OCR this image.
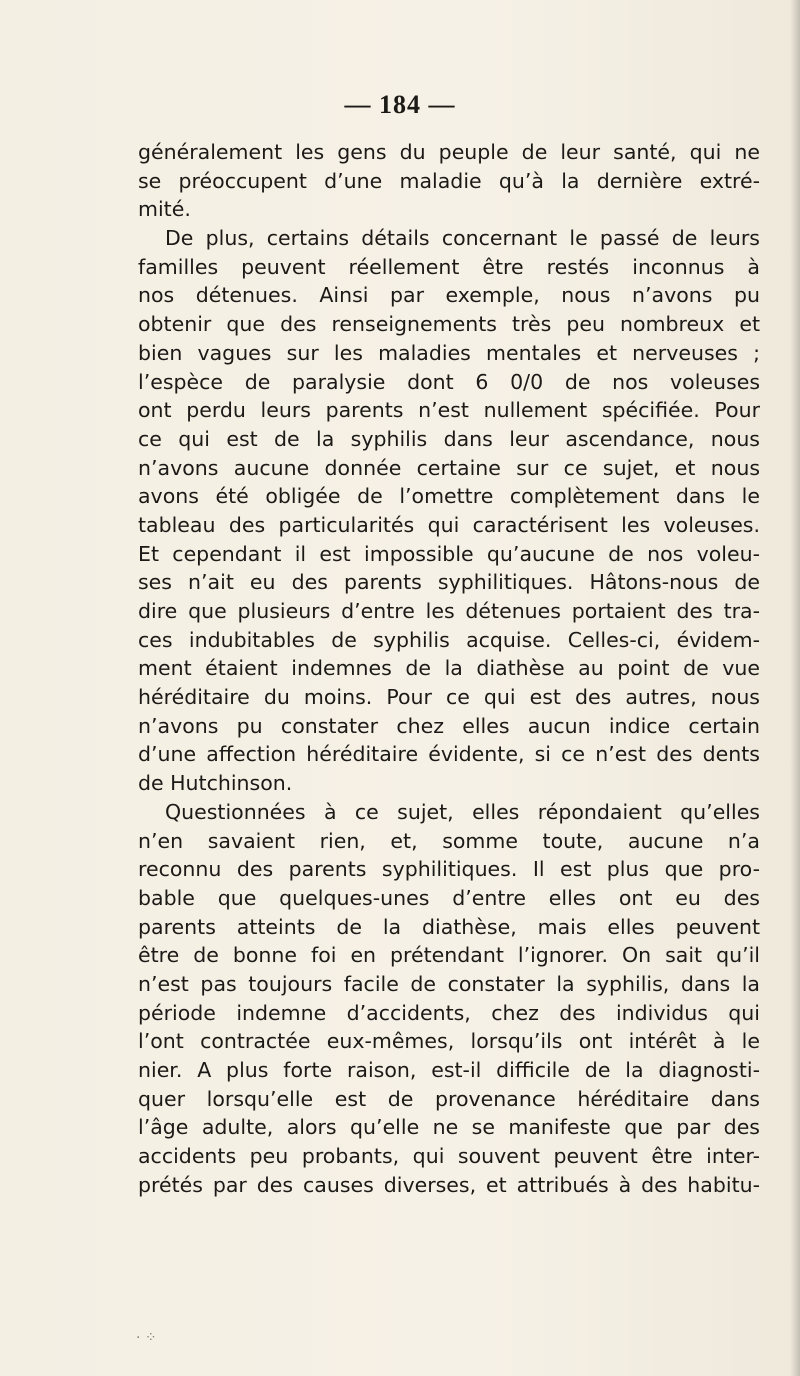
— 184 —
généralement les gens du peuple de leur santé, qui ne
se préoccupent d’une maladie qu’à la dernière extré-
mité.
De plus, certains détails concernant le passé de leurs
familles peuvent réellement être restés inconnus à
nos détenues. Ainsi par exemple, nous n’avons pu
obtenir que des renseignements très peu nombreux et
bien vagues sur les maladies mentales et nerveuses ;
l’espèce de paralysie dont 6 0/0 de nos voleuses
ont perdu leurs parents n’est nullement spécifiée. Pour
ce qui est de la syphilis dans leur ascendance, nous
n’avons aucune donnée certaine sur ce sujet, et nous
avons été obligée de l’omettre complètement dans le
tableau des particularités qui caractérisent les voleuses.
Et cependant il est impossible qu’aucune de nos voleu-
ses n’ait eu des parents syphilitiques. Hâtons-nous de
dire que plusieurs d’entre les détenues portaient des tra-
ces indubitables de syphilis acquise. Celles-ci, évidem-
ment étaient indemnes de la diathèse au point de vue
héréditaire du moins. Pour ce qui est des autres, nous
n’avons pu constater chez elles aucun indice certain
d’une affection héréditaire évidente, si ce n’est des dents
de Hutchinson.
Questionnées à ce sujet, elles répondaient qu’elles
n’en savaient rien, et, somme toute, aucune n’a
reconnu des parents syphilitiques. Il est plus que pro-
bable que quelques-unes d’entre elles ont eu des
parents atteints de la diathèse, mais elles peuvent
être de bonne foi en prétendant l’ignorer. On sait qu’il
n’est pas toujours facile de constater la syphilis, dans la
période indemne d’accidents, chez des individus qui
l’ont contractée eux-mêmes, lorsqu’ils ont intérêt à le
nier. A plus forte raison, est-il difficile de la diagnosti-
quer lorsqu’elle est de provenance héréditaire dans
l’âge adulte, alors qu’elle ne se manifeste que par des
accidents peu probants, qui souvent peuvent être inter-
prétés par des causes diverses, et attribués à des habitu-
· ⁘
